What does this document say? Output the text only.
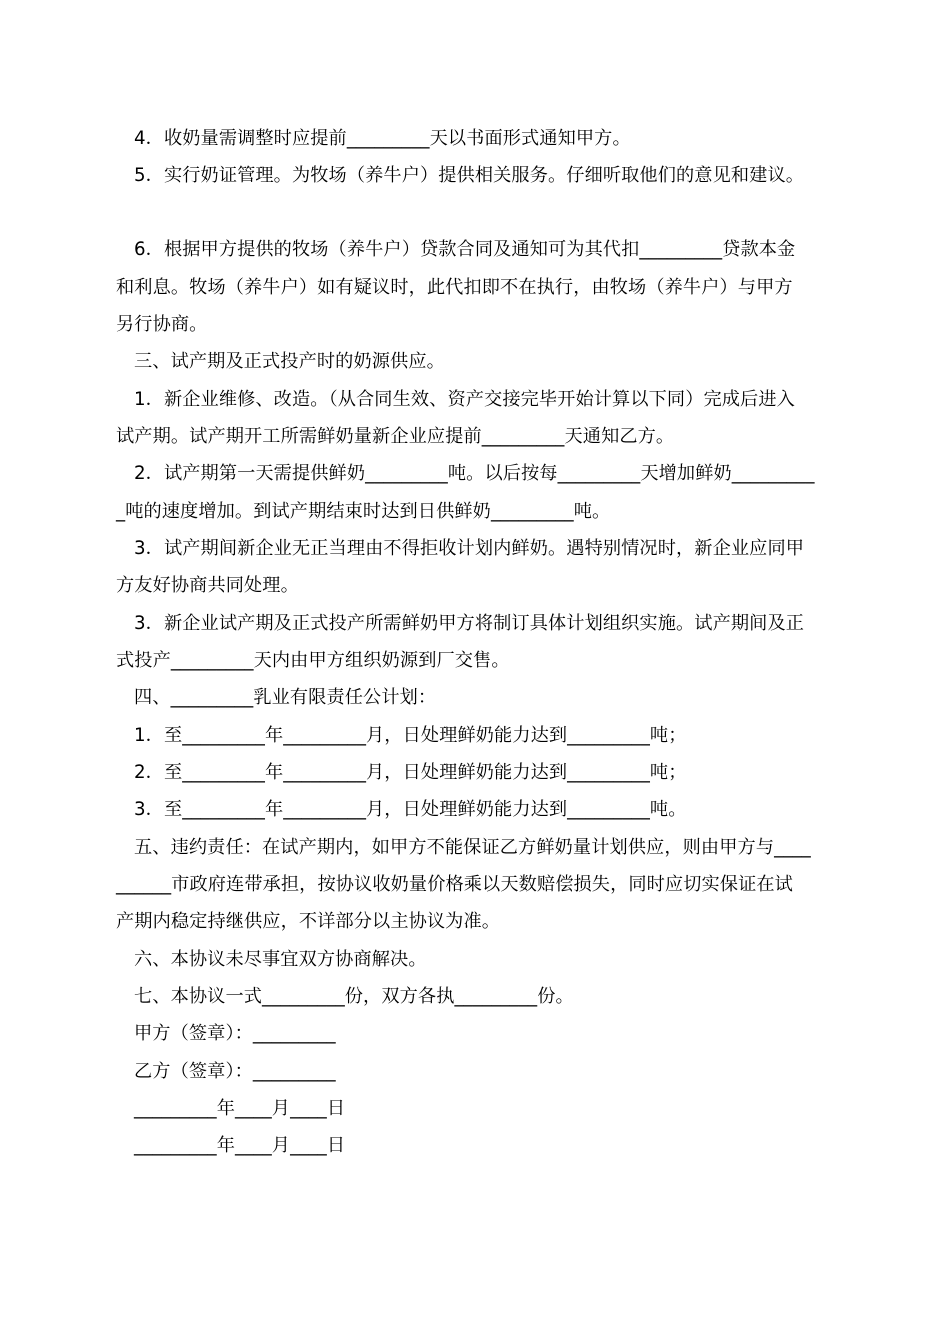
4．收奶量需调整时应提前_________天以书面形式通知甲方。
5．实行奶证管理。为牧场（养牛户）提供相关服务。仔细听取他们的意见和建议。
6．根据甲方提供的牧场（养牛户）贷款合同及通知可为其代扣_________贷款本金
和利息。牧场（养牛户）如有疑议时，此代扣即不在执行，由牧场（养牛户）与甲方
另行协商。
三、试产期及正式投产时的奶源供应。
1．新企业维修、改造。（从合同生效、资产交接完毕开始计算以下同）完成后进入
试产期。试产期开工所需鲜奶量新企业应提前_________天通知乙方。
2．试产期第一天需提供鲜奶_________吨。以后按每_________天增加鲜奶_________
_吨的速度增加。到试产期结束时达到日供鲜奶_________吨。
3．试产期间新企业无正当理由不得拒收计划内鲜奶。遇特别情况时，新企业应同甲
方友好协商共同处理。
3．新企业试产期及正式投产所需鲜奶甲方将制订具体计划组织实施。试产期间及正
式投产_________天内由甲方组织奶源到厂交售。
四、_________乳业有限责任公计划：
1．至_________年_________月，日处理鲜奶能力达到_________吨；
2．至_________年_________月，日处理鲜奶能力达到_________吨；
3．至_________年_________月，日处理鲜奶能力达到_________吨。
五、违约责任：在试产期内，如甲方不能保证乙方鲜奶量计划供应，则由甲方与____
______市政府连带承担，按协议收奶量价格乘以天数赔偿损失，同时应切实保证在试
产期内稳定持继供应，不详部分以主协议为准。
六、本协议未尽事宜双方协商解决。
七、本协议一式_________份，双方各执_________份。
甲方（签章）：_________
乙方（签章）：_________
_________年____月____日
_________年____月____日
